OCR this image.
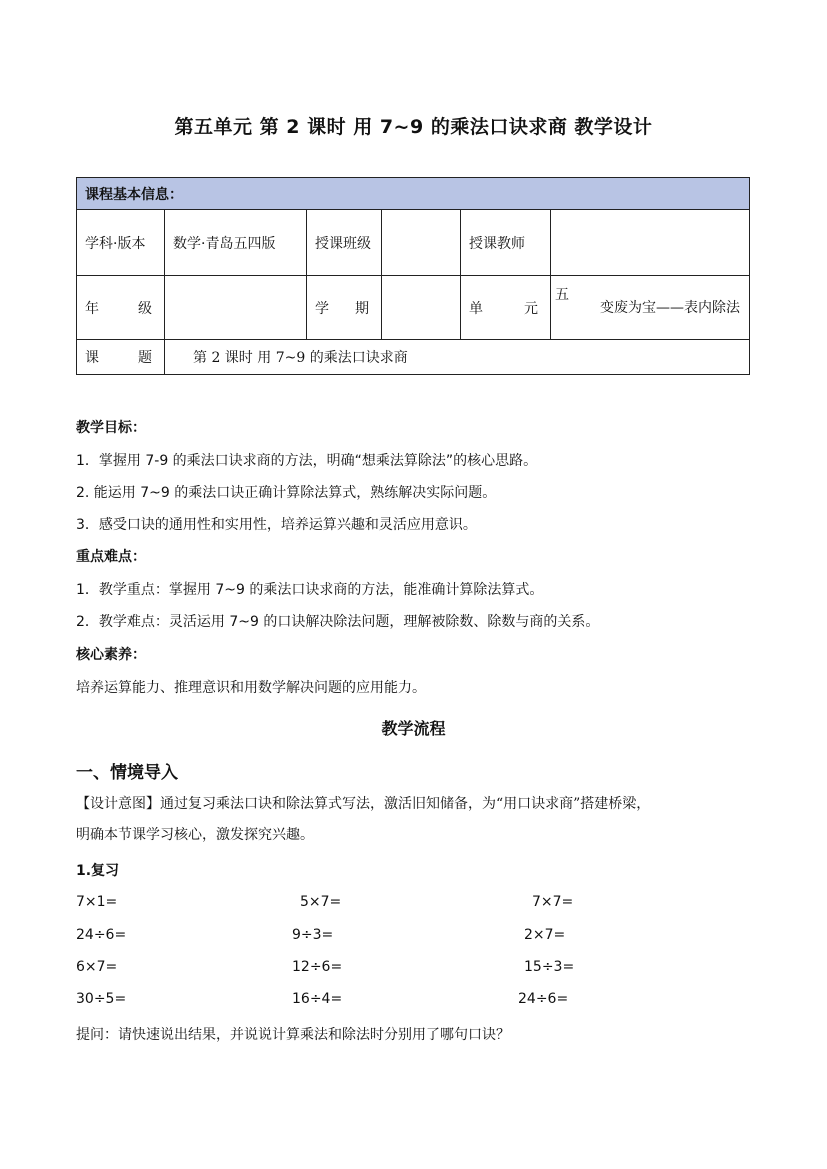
第五单元 第 2 课时 用 7~9 的乘法口诀求商 教学设计
课程基本信息：					
学科·版本	数学·青岛五四版	授课班级		授课教师	

年 级		学 期		单 元	五
变废为宝——表内除法

课 题	第 2 课时 用 7~9 的乘法口诀求商				
教学目标：
1．掌握用 7-9 的乘法口诀求商的方法，明确“想乘法算除法”的核心思路。
2. 能运用 7~9 的乘法口诀正确计算除法算式，熟练解决实际问题。
3．感受口诀的通用性和实用性，培养运算兴趣和灵活应用意识。
重点难点：
1．教学重点：掌握用 7~9 的乘法口诀求商的方法，能准确计算除法算式。
2．教学难点：灵活运用 7~9 的口诀解决除法问题，理解被除数、除数与商的关系。
核心素养：
培养运算能力、推理意识和用数学解决问题的应用能力。
教学流程
一、情境导入
【设计意图】通过复习乘法口诀和除法算式写法，激活旧知储备，为“用口诀求商”搭建桥梁，
明确本节课学习核心，激发探究兴趣。
1.复习
7×1=	5×7=	7×7=
24÷6=	9÷3=	2×7=
6×7=	12÷6=	15÷3=
30÷5=	16÷4=	24÷6=
提问：请快速说出结果，并说说计算乘法和除法时分别用了哪句口诀？
